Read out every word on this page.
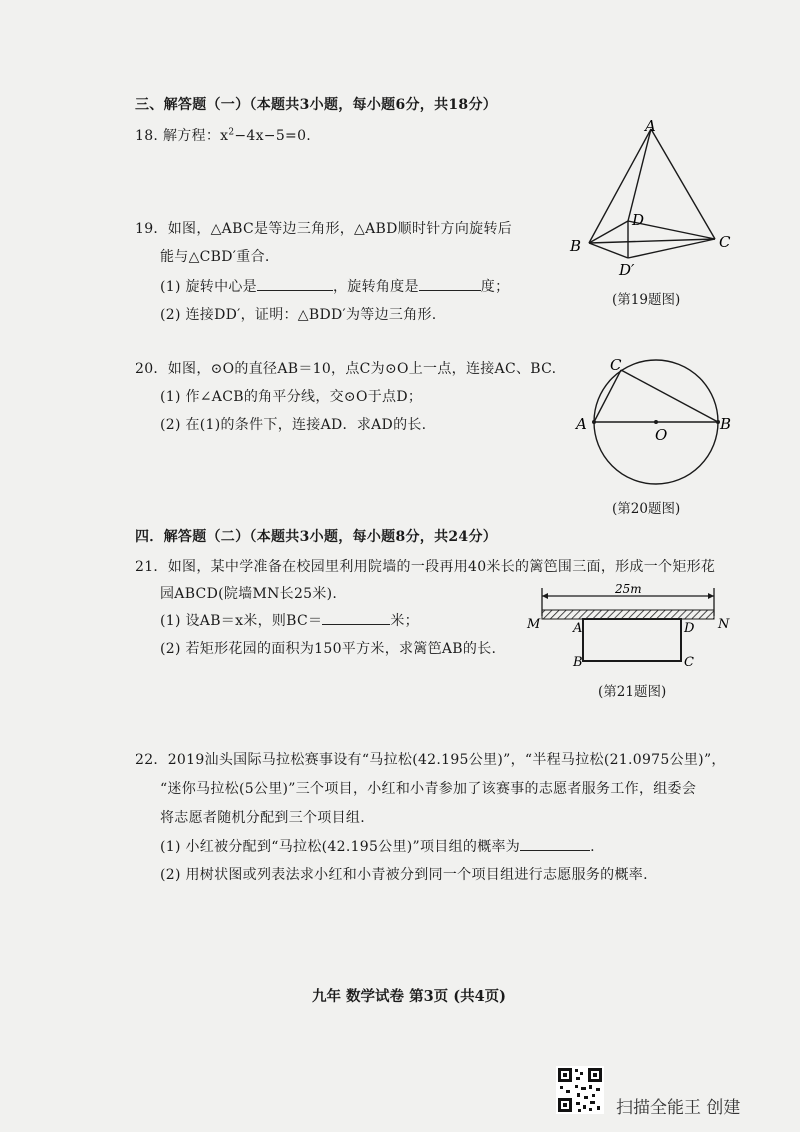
三、解答题（一）（本题共3小题，每小题6分，共18分）
18. 解方程：$x^2-4x-5=0$.
19．如图，△ABC是等边三角形，△ABD顺时针方向旋转后
能与△CBD′重合.
(1) 旋转中心是	，旋转角度是	度；
(2) 连接DD′，证明：△BDD′为等边三角形.
A
B	C
D
D′
(第19题图)
20．如图，⊙O的直径AB＝10，点C为⊙O上一点，连接AC、BC.
(1) 作∠ACB的角平分线，交⊙O于点D；
(2) 在(1)的条件下，连接AD．求AD的长.
C
A	B
O
(第20题图)
四．解答题（二）（本题共3小题，每小题8分，共24分）
21．如图，某中学准备在校园里利用院墙的一段再用40米长的篱笆围三面，形成一个矩形花
园ABCD(院墙MN长25米).
(1) 设AB＝x米，则BC＝	米；
(2) 若矩形花园的面积为150平方米，求篱笆AB的长.
25m
M	N
A	D
B	C
(第21题图)
22．2019汕头国际马拉松赛事设有“马拉松(42.195公里)”，“半程马拉松(21.0975公里)”，
“迷你马拉松(5公里)”三个项目，小红和小青参加了该赛事的志愿者服务工作，组委会
将志愿者随机分配到三个项目组.
(1) 小红被分配到“马拉松(42.195公里)”项目组的概率为	.
(2) 用树状图或列表法求小红和小青被分到同一个项目组进行志愿服务的概率.
九年 数学试卷 第3页 (共4页)
扫描全能王 创建
